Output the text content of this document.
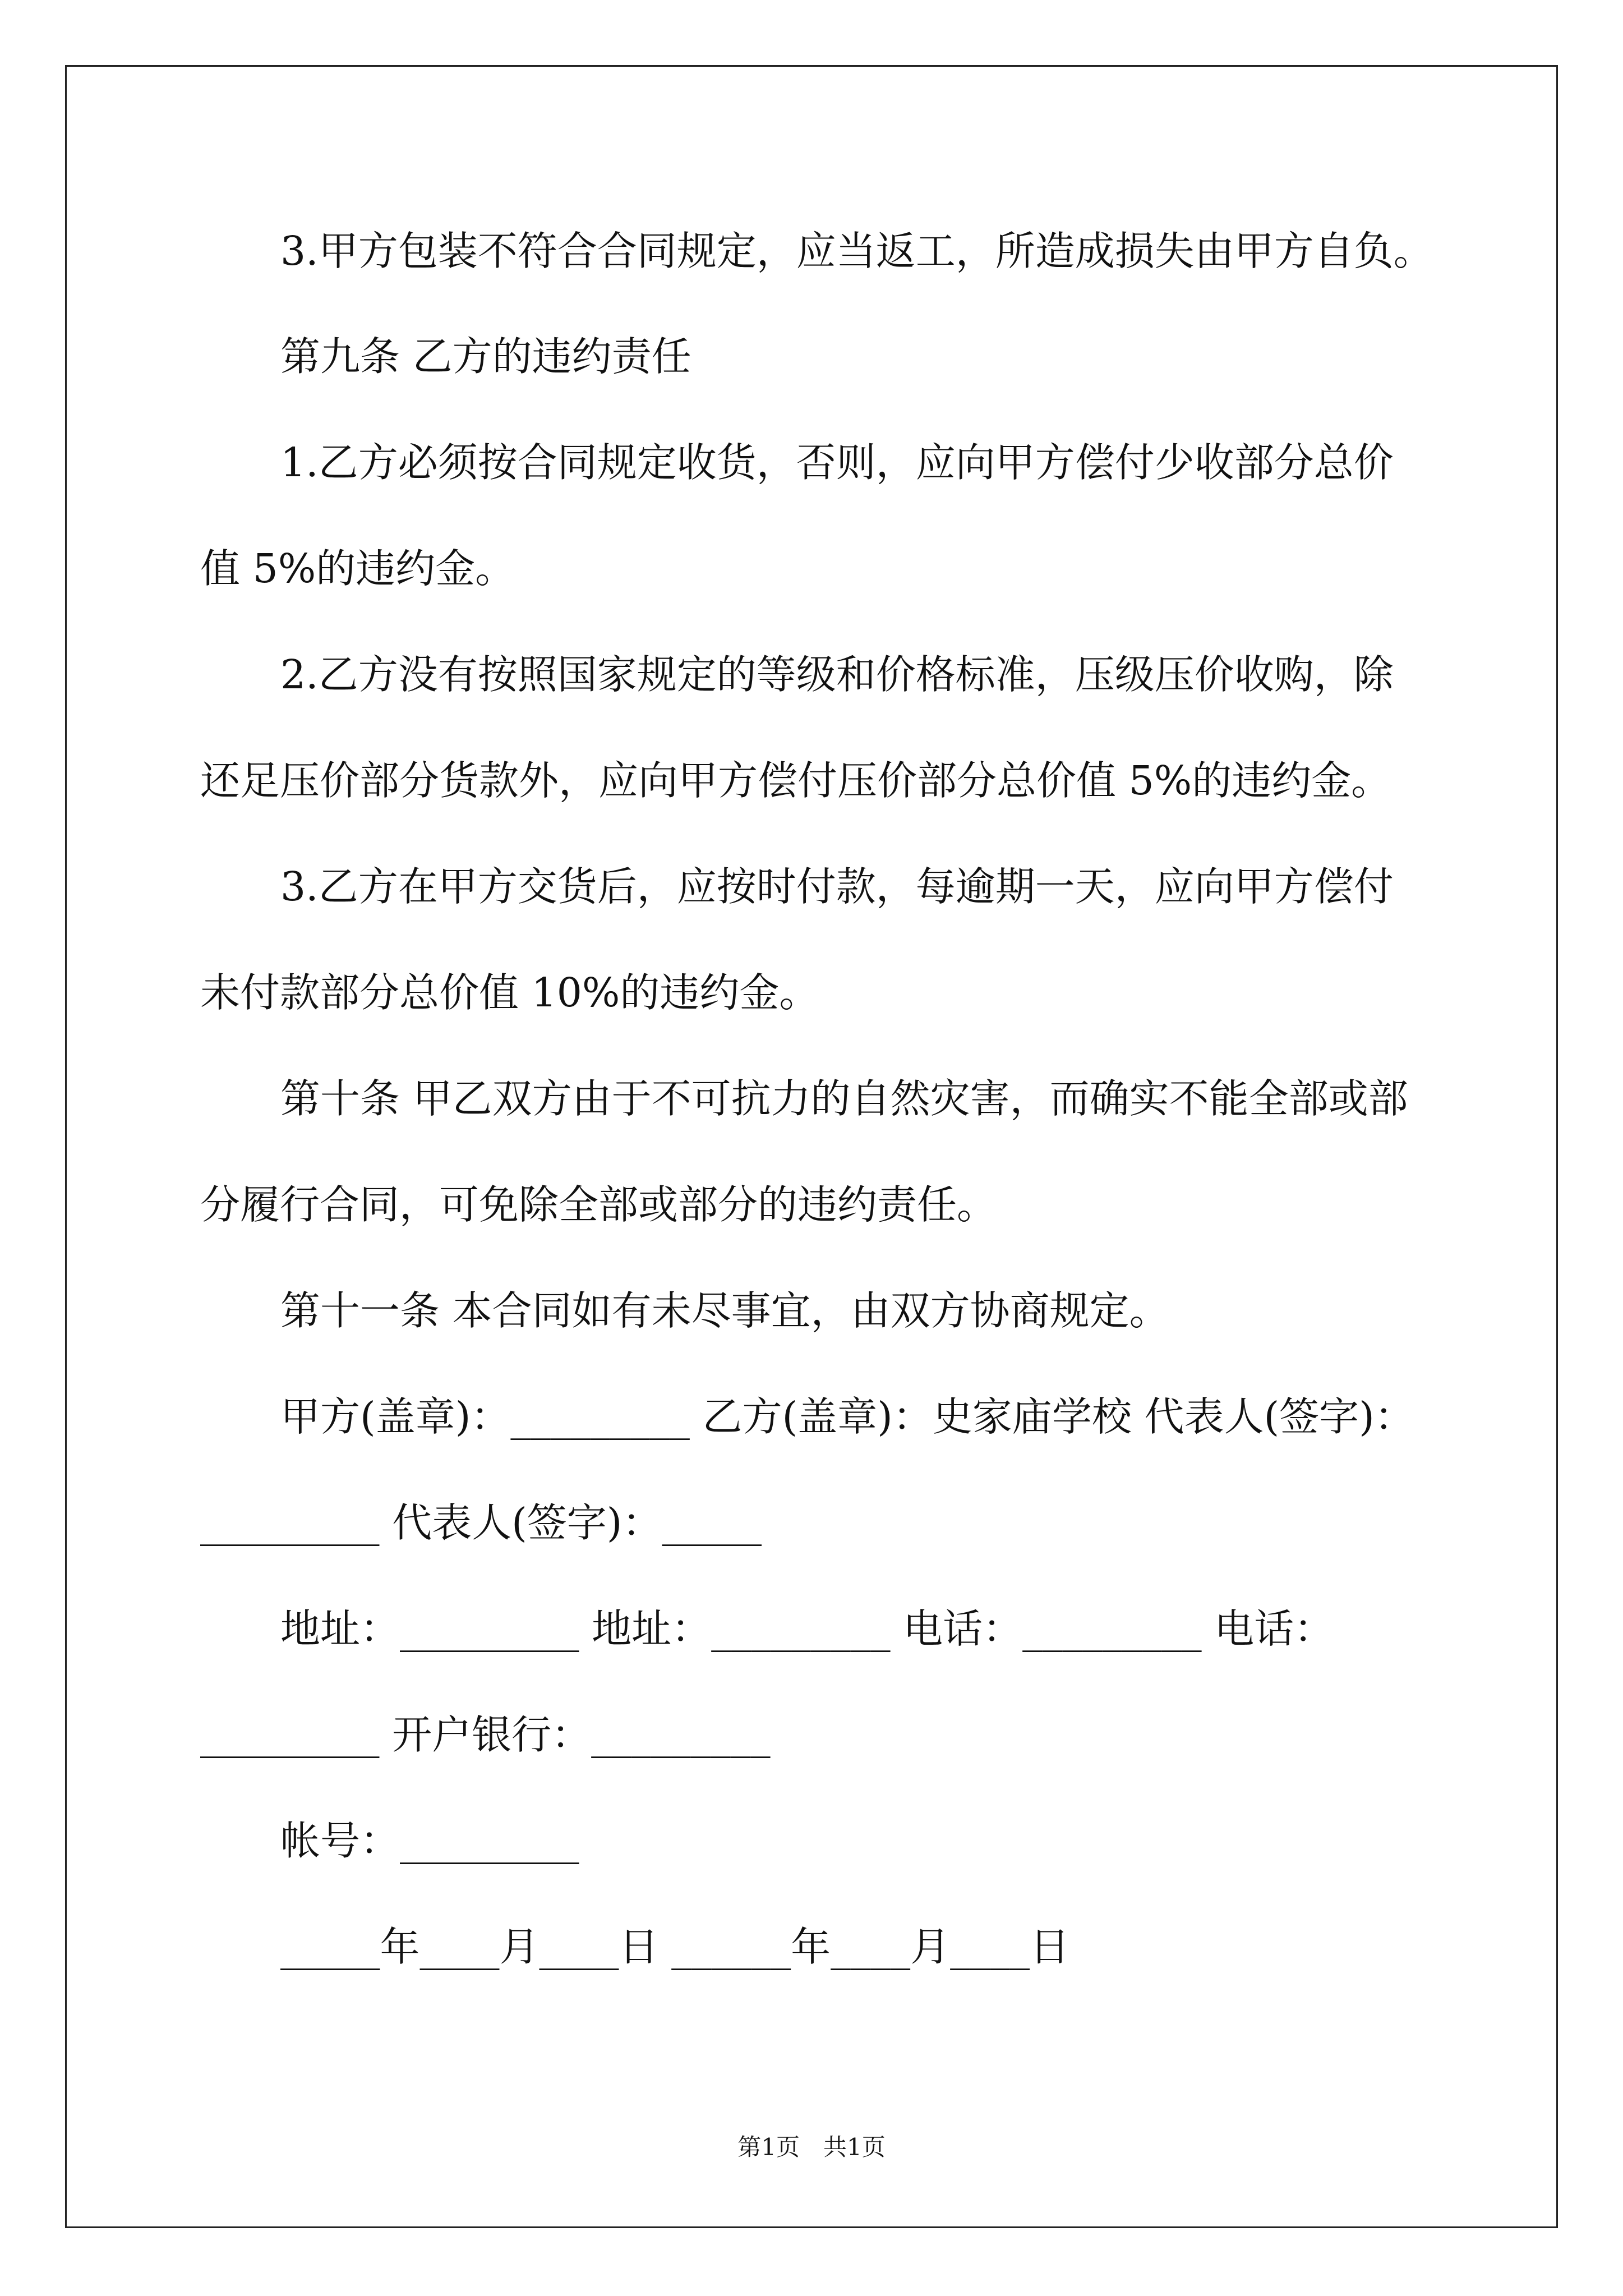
3.甲方包装不符合合同规定，应当返工，所造成损失由甲方自负。
第九条 乙方的违约责任
1.乙方必须按合同规定收货，否则，应向甲方偿付少收部分总价
值 5%的违约金。
2.乙方没有按照国家规定的等级和价格标准，压级压价收购，除
还足压价部分货款外，应向甲方偿付压价部分总价值 5%的违约金。
3.乙方在甲方交货后，应按时付款，每逾期一天，应向甲方偿付
未付款部分总价值 10%的违约金。
第十条 甲乙双方由于不可抗力的自然灾害，而确实不能全部或部
分履行合同，可免除全部或部分的违约责任。
第十一条 本合同如有未尽事宜，由双方协商规定。
甲方(盖章)：_________ 乙方(盖章)：史家庙学校 代表人(签字)：
_________ 代表人(签字)：_____
地址：_________ 地址：_________ 电话：_________ 电话：
_________ 开户银行：_________
帐号：_________
_____年____月____日 ______年____月____日
第1页　共1页
